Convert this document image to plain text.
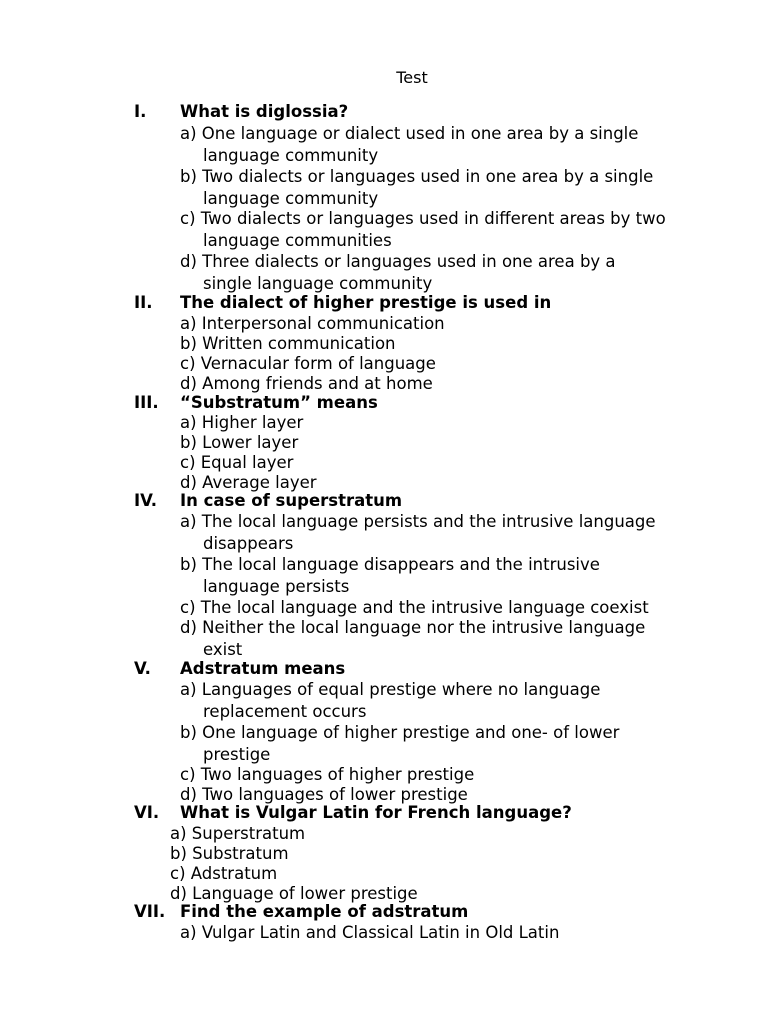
Test
I. What is diglossia?
a) One language or dialect used in one area by a single
language community
b) Two dialects or languages used in one area by a single
language community
c) Two dialects or languages used in different areas by two
language communities
d) Three dialects or languages used in one area by a
single language community
II. The dialect of higher prestige is used in
a) Interpersonal communication
b) Written communication
c) Vernacular form of language
d) Among friends and at home
III. “Substratum” means
a) Higher layer
b) Lower layer
c) Equal layer
d) Average layer
IV. In case of superstratum
a) The local language persists and the intrusive language
disappears
b) The local language disappears and the intrusive
language persists
c) The local language and the intrusive language coexist
d) Neither the local language nor the intrusive language
exist
V. Adstratum means
a) Languages of equal prestige where no language
replacement occurs
b) One language of higher prestige and one- of lower
prestige
c) Two languages of higher prestige
d) Two languages of lower prestige
VI. What is Vulgar Latin for French language?
a) Superstratum
b) Substratum
c) Adstratum
d) Language of lower prestige
VII. Find the example of adstratum
a) Vulgar Latin and Classical Latin in Old Latin
